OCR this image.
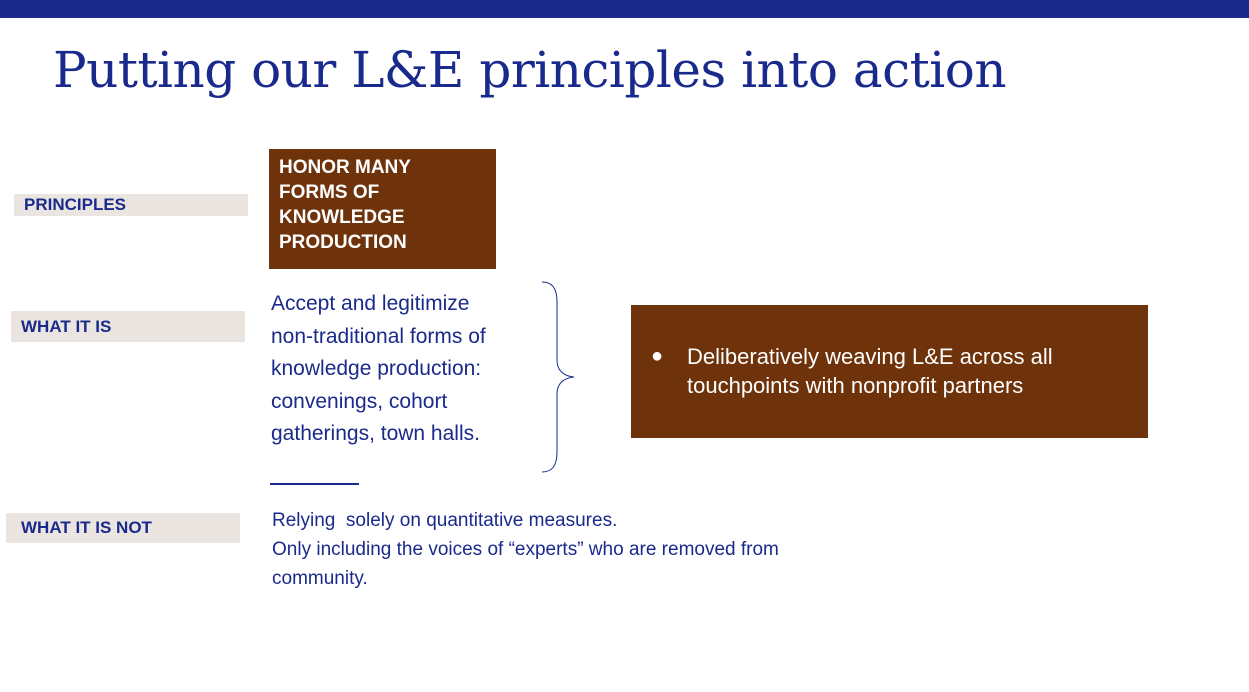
Putting our L&E principles into action
PRINCIPLES
WHAT IT IS
WHAT IT IS NOT
HONOR MANY
FORMS OF
KNOWLEDGE
PRODUCTION
Accept and legitimize
non-traditional forms of
knowledge production:
convenings, cohort
gatherings, town halls.
Relying  solely on quantitative measures.
Only including the voices of “experts” who are removed from
community.
●	Deliberatively weaving L&E across all
touchpoints with nonprofit partners
